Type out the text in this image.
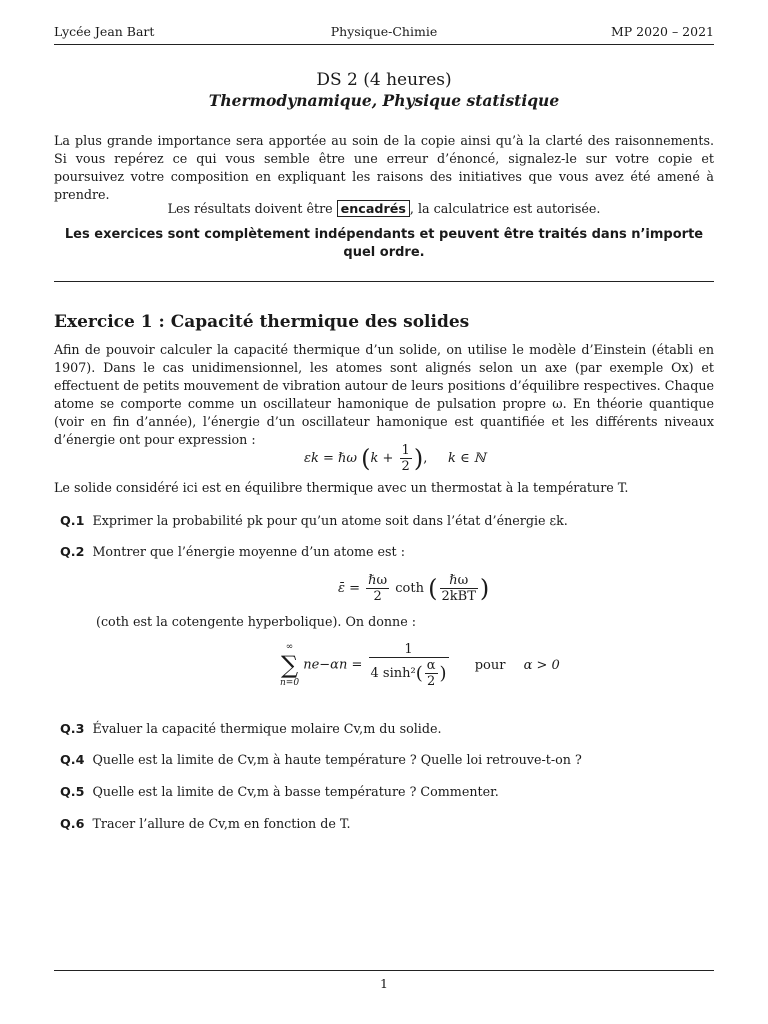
Lycée Jean Bart	Physique-Chimie	MP 2020 – 2021
DS 2 (4 heures)
Thermodynamique, Physique statistique
La plus grande importance sera apportée au soin de la copie ainsi qu’à la clarté des raisonnements. Si vous repérez ce qui vous semble être une erreur d’énoncé, signalez-le sur votre copie et poursuivez votre composition en expliquant les raisons des initiatives que vous avez été amené à prendre.
Les résultats doivent être encadrés , la calculatrice est autorisée.
Les exercices sont complètement indépendants et peuvent être traités dans n’importe quel ordre.
Exercice 1 : Capacité thermique des solides
Afin de pouvoir calculer la capacité thermique d’un solide, on utilise le modèle d’Einstein (établi en 1907). Dans le cas unidimensionnel, les atomes sont alignés selon un axe (par exemple Ox) et effectuent de petits mouvement de vibration autour de leurs positions d’équilibre respectives. Chaque atome se comporte comme un oscillateur hamonique de pulsation propre ω. En théorie quantique (voir en fin d’année), l’énergie d’un oscillateur hamonique est quantifiée et les différents niveaux d’énergie ont pour expression :
εk = ℏω ($k + \frac{1}{2}$ ),     k ∈ ℕ
Le solide considéré ici est en équilibre thermique avec un thermostat à la température T.
Q.1 Exprimer la probabilité pk pour qu’un atome soit dans l’état d’énergie εk.
Q.2 Montrer que l’énergie moyenne d’un atome est :
ε̄ = $\frac{\text{ℏω}}{2}$ coth ( $\frac{\text{ℏω}}{\text{2kBT}}$ )
(coth est la cotengente hyperbolique). On donne :
∞
∑
n=0
$ne-\alpha n = \frac{1}{4 \sinh^2( \frac{\alpha}{2} )}$ pour α > 0
Q.3 Évaluer la capacité thermique molaire Cv,m du solide.
Q.4 Quelle est la limite de Cv,m à haute température ? Quelle loi retrouve-t-on ?
Q.5 Quelle est la limite de Cv,m à basse température ? Commenter.
Q.6 Tracer l’allure de Cv,m en fonction de T.
1
